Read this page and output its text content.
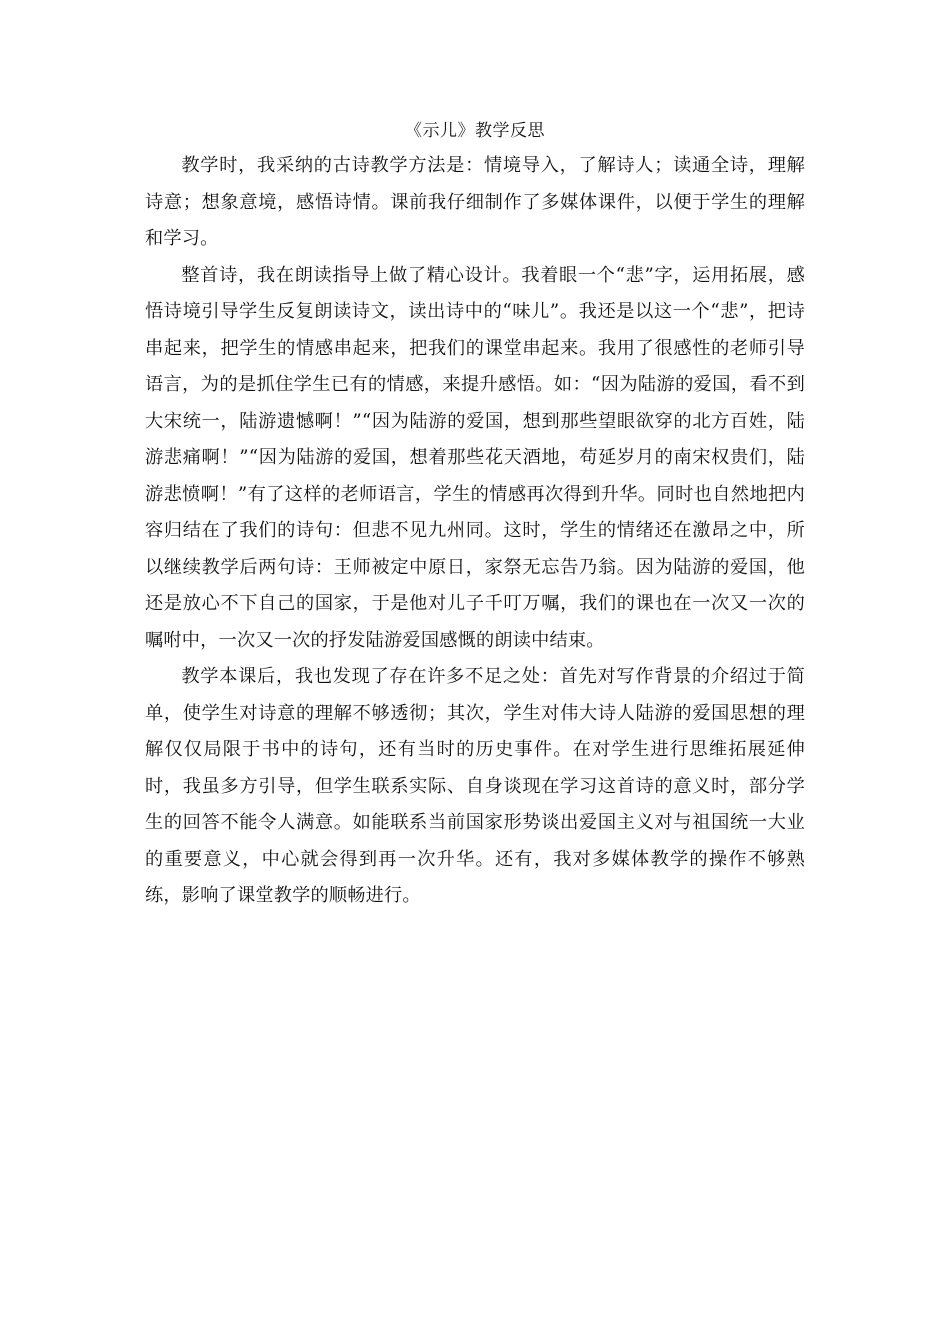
《示儿》教学反思

教学时，我采纳的古诗教学方法是：情境导入，了解诗人；读通全诗，理解诗意；想象意境，感悟诗情。课前我仔细制作了多媒体课件，以便于学生的理解和学习。

整首诗，我在朗读指导上做了精心设计。我着眼一个“悲”字，运用拓展，感悟诗境引导学生反复朗读诗文，读出诗中的“味儿”。我还是以这一个“悲”，把诗串起来，把学生的情感串起来，把我们的课堂串起来。我用了很感性的老师引导语言，为的是抓住学生已有的情感，来提升感悟。如：“因为陆游的爱国，看不到大宋统一，陆游遗憾啊！”“因为陆游的爱国，想到那些望眼欲穿的北方百姓，陆游悲痛啊！”“因为陆游的爱国，想着那些花天酒地，苟延岁月的南宋权贵们，陆游悲愤啊！”有了这样的老师语言，学生的情感再次得到升华。同时也自然地把内容归结在了我们的诗句：但悲不见九州同。这时，学生的情绪还在激昂之中，所以继续教学后两句诗：王师被定中原日，家祭无忘告乃翁。因为陆游的爱国，他还是放心不下自己的国家，于是他对儿子千叮万嘱，我们的课也在一次又一次的嘱咐中，一次又一次的抒发陆游爱国感慨的朗读中结束。

教学本课后，我也发现了存在许多不足之处：首先对写作背景的介绍过于简单，使学生对诗意的理解不够透彻；其次，学生对伟大诗人陆游的爱国思想的理解仅仅局限于书中的诗句，还有当时的历史事件。在对学生进行思维拓展延伸时，我虽多方引导，但学生联系实际、自身谈现在学习这首诗的意义时，部分学生的回答不能令人满意。如能联系当前国家形势谈出爱国主义对与祖国统一大业的重要意义，中心就会得到再一次升华。还有，我对多媒体教学的操作不够熟练，影响了课堂教学的顺畅进行。
